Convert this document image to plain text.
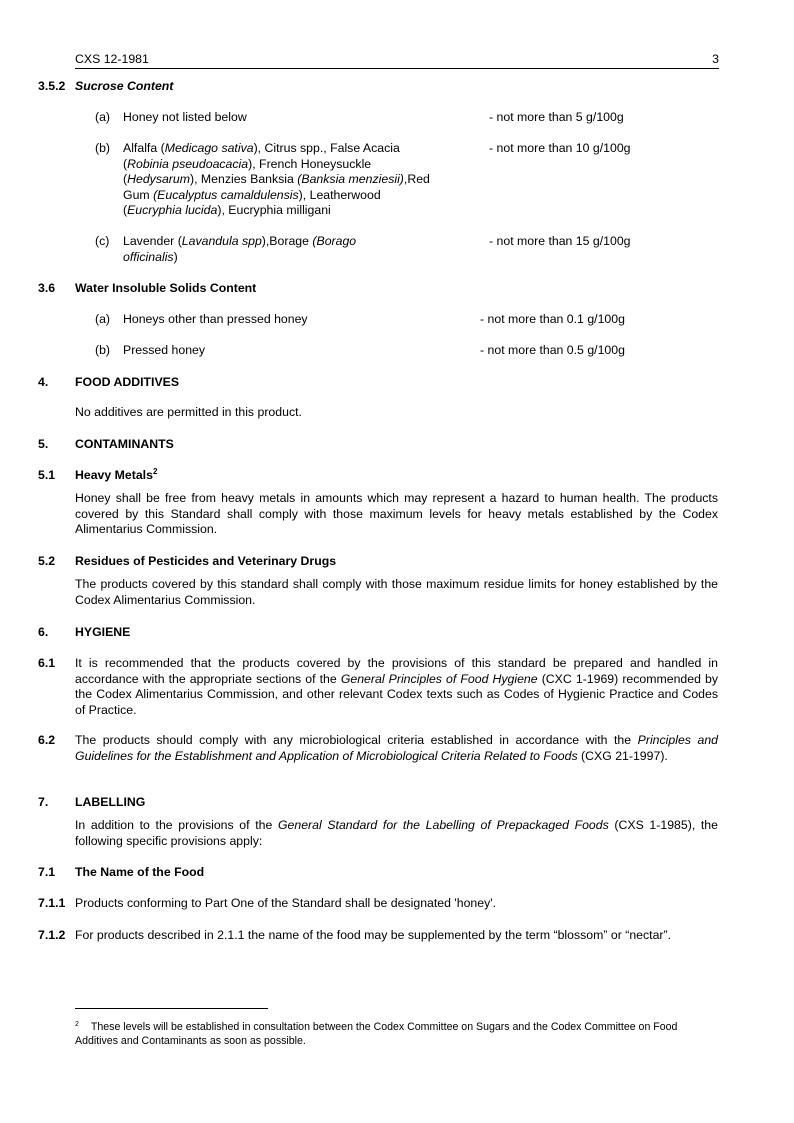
CXS 12-1981	3
3.5.2 Sucrose Content
(a)	Honey not listed below	- not more than 5 g/100g
(b)	Alfalfa (Medicago sativa), Citrus spp., False Acacia
(Robinia pseudoacacia), French Honeysuckle
(Hedysarum), Menzies Banksia (Banksia menziesii),Red
Gum (Eucalyptus camaldulensis), Leatherwood
(Eucryphia lucida), Eucryphia milligani
- not more than 10 g/100g
(c)	Lavender (Lavandula spp),Borage (Borago
officinalis)
- not more than 15 g/100g
3.6 Water Insoluble Solids Content
(a)	Honeys other than pressed honey	- not more than 0.1 g/100g
(b)	Pressed honey	- not more than 0.5 g/100g
4. FOOD ADDITIVES
No additives are permitted in this product.
5. CONTAMINANTS
5.1 Heavy Metals$^2$
Honey shall be free from heavy metals in amounts which may represent a hazard to human health. The products covered by this Standard shall comply with those maximum levels for heavy metals established by the Codex Alimentarius Commission.
5.2 Residues of Pesticides and Veterinary Drugs
The products covered by this standard shall comply with those maximum residue limits for honey established by the Codex Alimentarius Commission.
6. HYGIENE
6.1 It is recommended that the products covered by the provisions of this standard be prepared and handled in accordance with the appropriate sections of the General Principles of Food Hygiene (CXC 1-1969) recommended by the Codex Alimentarius Commission, and other relevant Codex texts such as Codes of Hygienic Practice and Codes of Practice.
6.2 The products should comply with any microbiological criteria established in accordance with the Principles and Guidelines for the Establishment and Application of Microbiological Criteria Related to Foods (CXG 21-1997).
7. LABELLING
In addition to the provisions of the General Standard for the Labelling of Prepackaged Foods (CXS 1-1985), the following specific provisions apply:
7.1 The Name of the Food
7.1.1 Products conforming to Part One of the Standard shall be designated 'honey'.
7.1.2 For products described in 2.1.1 the name of the food may be supplemented by the term “blossom” or “nectar”.
$^2$ These levels will be established in consultation between the Codex Committee on Sugars and the Codex Committee on Food Additives and Contaminants as soon as possible.
